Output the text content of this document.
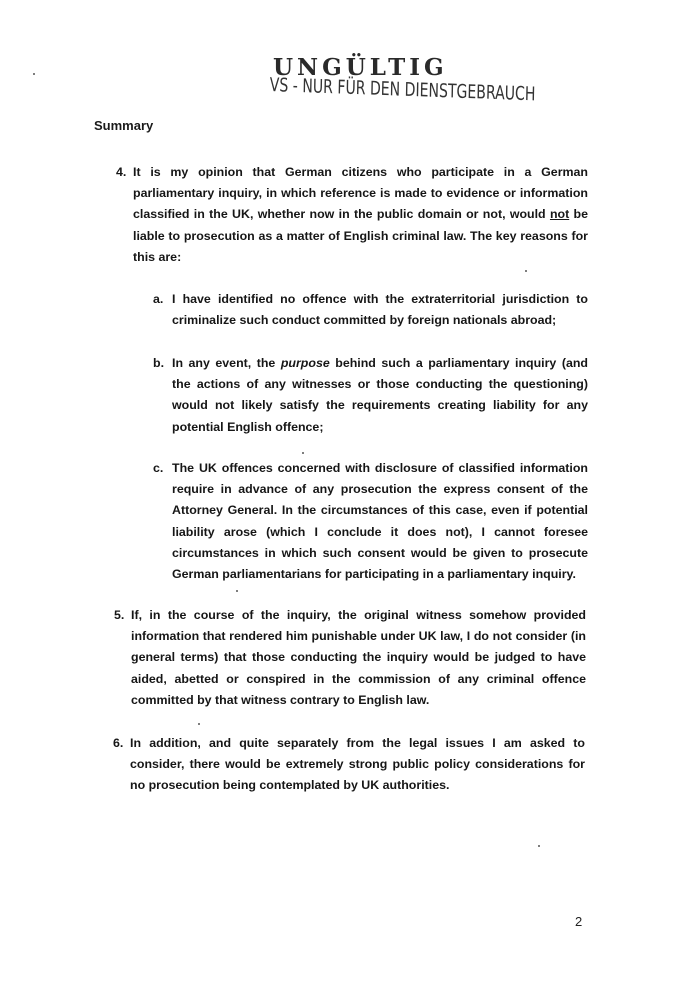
UNGÜLTIG
VS - NUR FÜR DEN DIENSTGEBRAUCH
Summary
4. It is my opinion that German citizens who participate in a German parliamentary inquiry, in which reference is made to evidence or information classified in the UK, whether now in the public domain or not, would not be liable to prosecution as a matter of English criminal law. The key reasons for this are:
a. I have identified no offence with the extraterritorial jurisdiction to criminalize such conduct committed by foreign nationals abroad;
b. In any event, the purpose behind such a parliamentary inquiry (and the actions of any witnesses or those conducting the questioning) would not likely satisfy the requirements creating liability for any potential English offence;
c. The UK offences concerned with disclosure of classified information require in advance of any prosecution the express consent of the Attorney General. In the circumstances of this case, even if potential liability arose (which I conclude it does not), I cannot foresee circumstances in which such consent would be given to prosecute German parliamentarians for participating in a parliamentary inquiry.
5. If, in the course of the inquiry, the original witness somehow provided information that rendered him punishable under UK law, I do not consider (in general terms) that those conducting the inquiry would be judged to have aided, abetted or conspired in the commission of any criminal offence committed by that witness contrary to English law.
6. In addition, and quite separately from the legal issues I am asked to consider, there would be extremely strong public policy considerations for no prosecution being contemplated by UK authorities.
2
